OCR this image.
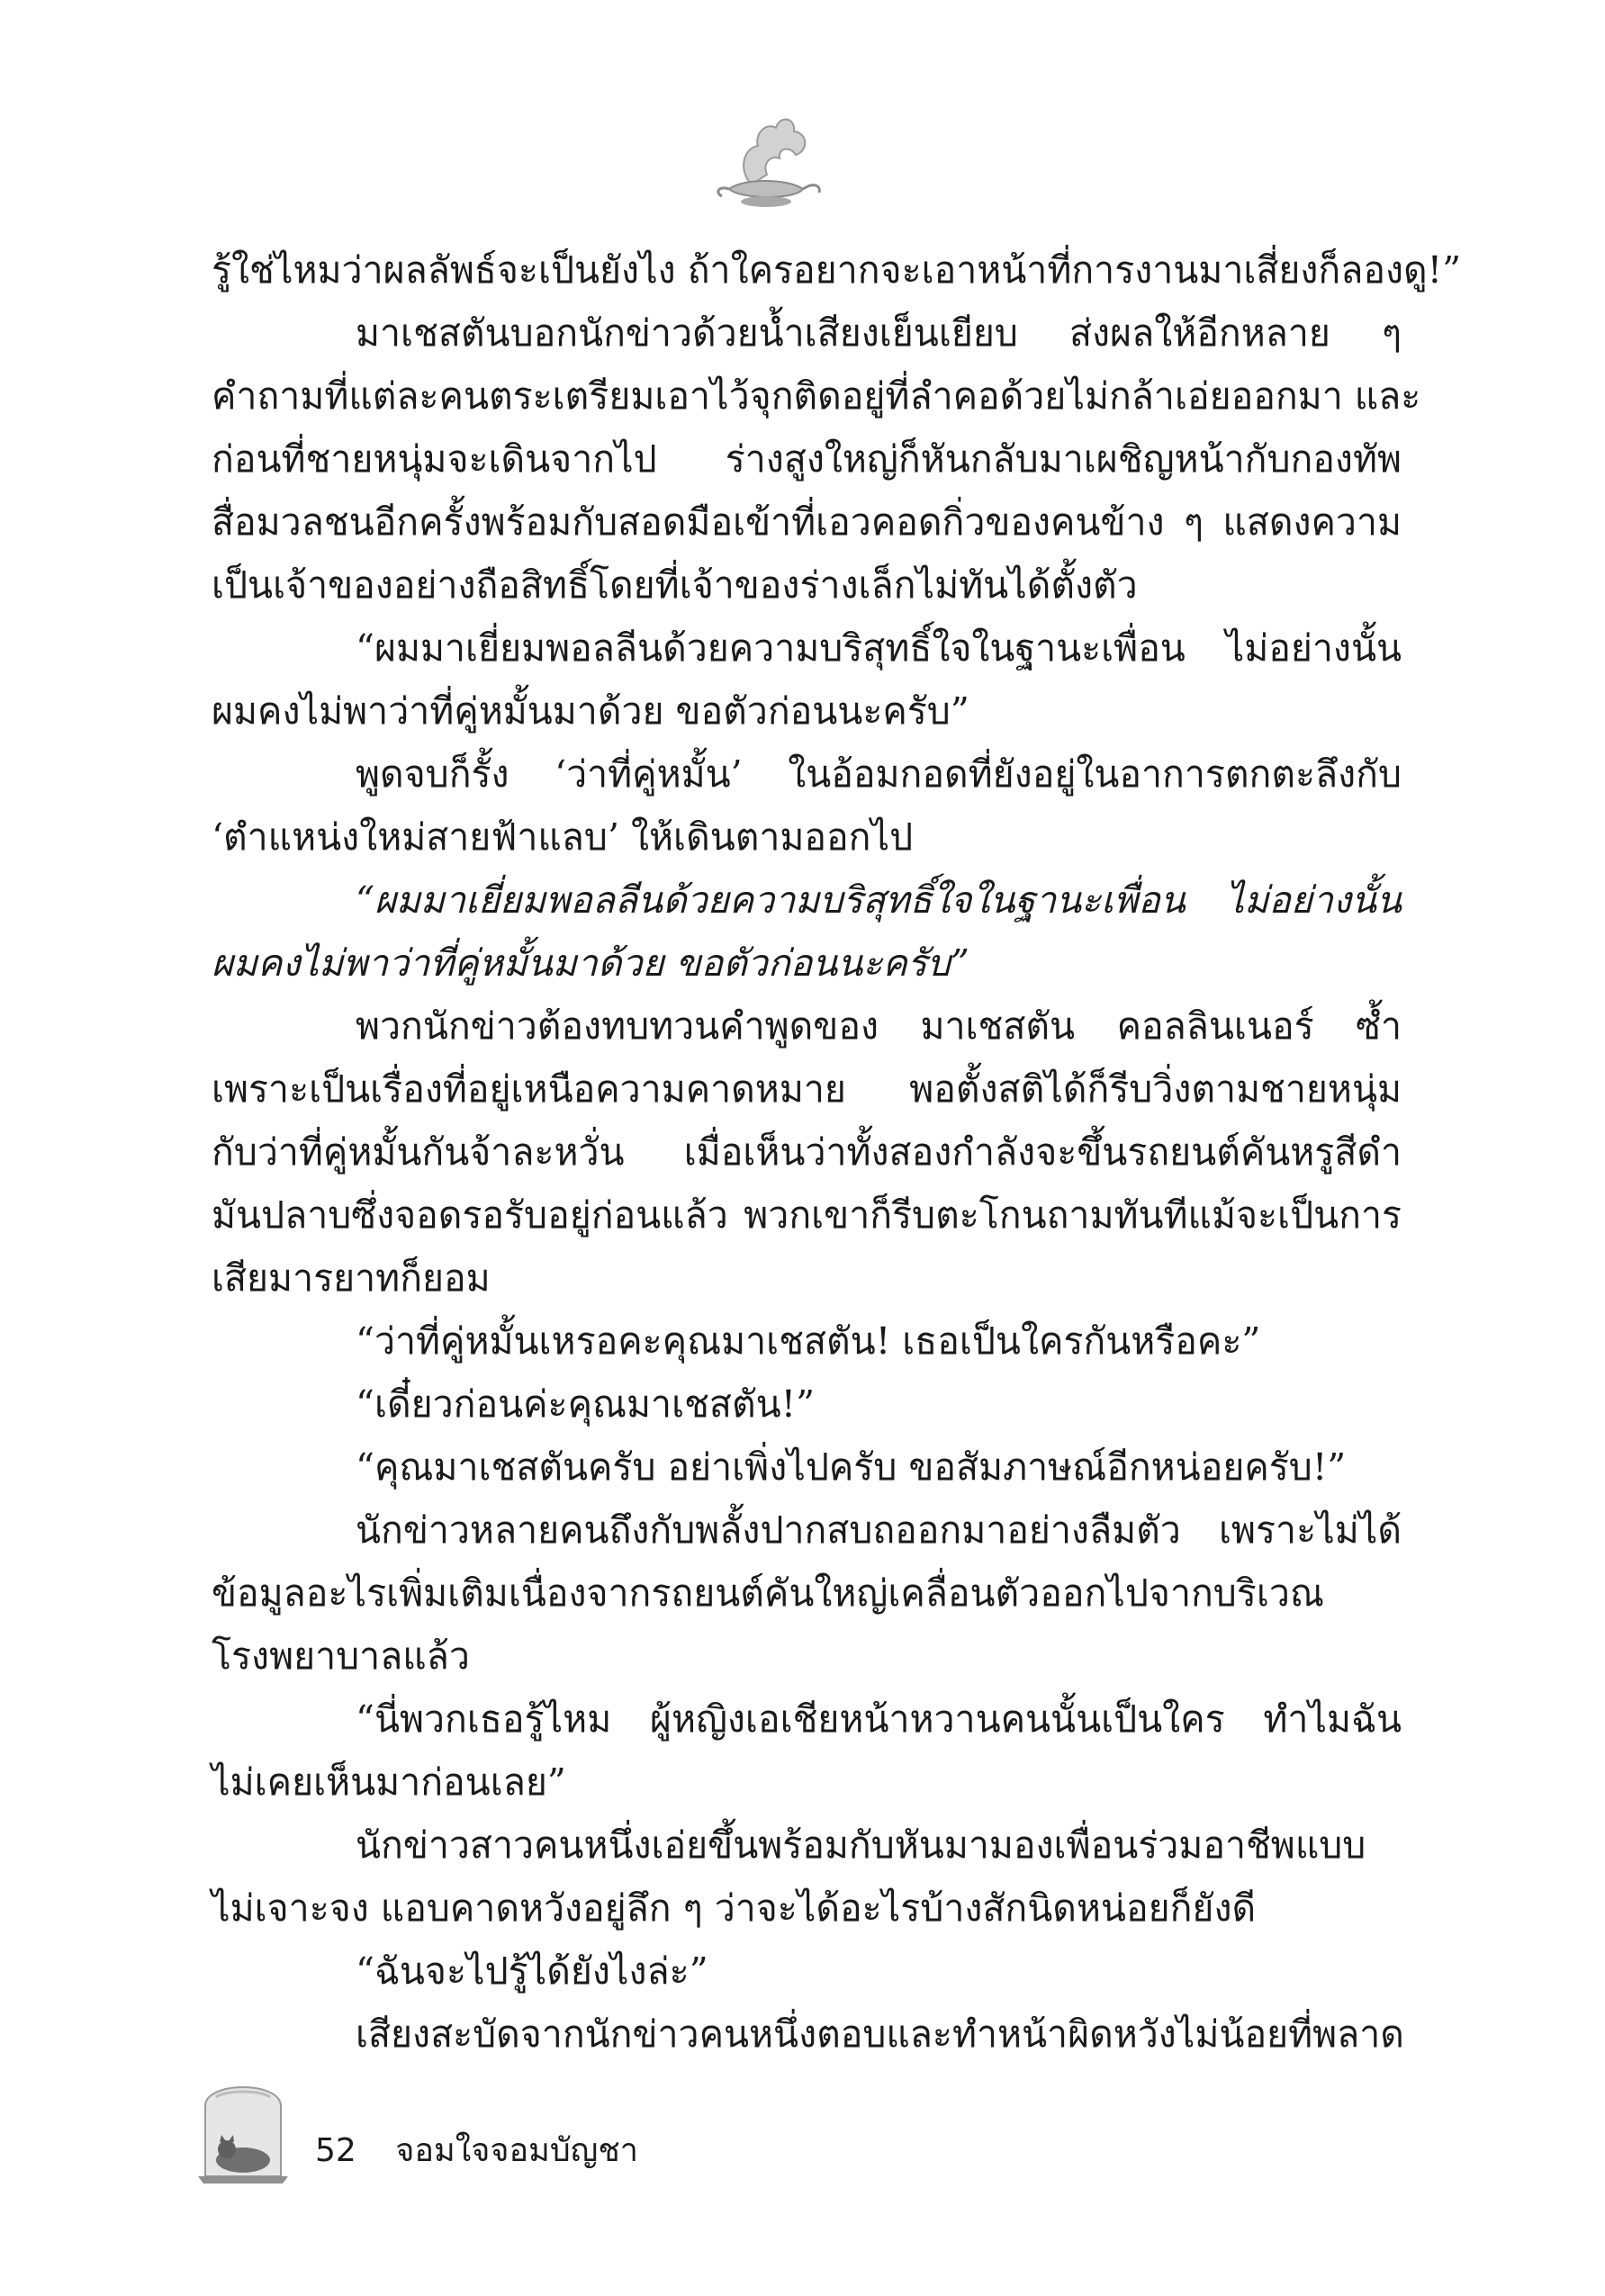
รู้ใช่ไหมว่าผลลัพธ์จะเป็นยังไง ถ้าใครอยากจะเอาหน้าที่การงานมาเสี่ยงก็ลองดู!”
มาเชสตันบอกนักข่าวด้วยน้ำเสียงเย็นเยียบ ส่งผลให้อีกหลาย ๆ
คำถามที่แต่ละคนตระเตรียมเอาไว้จุกติดอยู่ที่ลำคอด้วยไม่กล้าเอ่ยออกมา และ
ก่อนที่ชายหนุ่มจะเดินจากไป ร่างสูงใหญ่ก็หันกลับมาเผชิญหน้ากับกองทัพ
สื่อมวลชนอีกครั้งพร้อมกับสอดมือเข้าที่เอวคอดกิ่วของคนข้าง ๆ แสดงความ
เป็นเจ้าของอย่างถือสิทธิ์โดยที่เจ้าของร่างเล็กไม่ทันได้ตั้งตัว
“ผมมาเยี่ยมพอลลีนด้วยความบริสุทธิ์ใจในฐานะเพื่อน ไม่อย่างนั้น
ผมคงไม่พาว่าที่คู่หมั้นมาด้วย ขอตัวก่อนนะครับ”
พูดจบก็รั้ง ‘ว่าที่คู่หมั้น’ ในอ้อมกอดที่ยังอยู่ในอาการตกตะลึงกับ
‘ตำแหน่งใหม่สายฟ้าแลบ’ ให้เดินตามออกไป
“ผมมาเยี่ยมพอลลีนด้วยความบริสุทธิ์ใจในฐานะเพื่อน ไม่อย่างนั้น
ผมคงไม่พาว่าที่คู่หมั้นมาด้วย ขอตัวก่อนนะครับ”
พวกนักข่าวต้องทบทวนคำพูดของ มาเชสตัน คอลลินเนอร์ ซ้ำ
เพราะเป็นเรื่องที่อยู่เหนือความคาดหมาย พอตั้งสติได้ก็รีบวิ่งตามชายหนุ่ม
กับว่าที่คู่หมั้นกันจ้าละหวั่น เมื่อเห็นว่าทั้งสองกำลังจะขึ้นรถยนต์คันหรูสีดำ
มันปลาบซึ่งจอดรอรับอยู่ก่อนแล้ว พวกเขาก็รีบตะโกนถามทันทีแม้จะเป็นการ
เสียมารยาทก็ยอม
“ว่าที่คู่หมั้นเหรอคะคุณมาเชสตัน! เธอเป็นใครกันหรือคะ”
“เดี๋ยวก่อนค่ะคุณมาเชสตัน!”
“คุณมาเชสตันครับ อย่าเพิ่งไปครับ ขอสัมภาษณ์อีกหน่อยครับ!”
นักข่าวหลายคนถึงกับพลั้งปากสบถออกมาอย่างลืมตัว เพราะไม่ได้
ข้อมูลอะไรเพิ่มเติมเนื่องจากรถยนต์คันใหญ่เคลื่อนตัวออกไปจากบริเวณ
โรงพยาบาลแล้ว
“นี่พวกเธอรู้ไหม ผู้หญิงเอเชียหน้าหวานคนนั้นเป็นใคร ทำไมฉัน
ไม่เคยเห็นมาก่อนเลย”
นักข่าวสาวคนหนึ่งเอ่ยขึ้นพร้อมกับหันมามองเพื่อนร่วมอาชีพแบบ
ไม่เจาะจง แอบคาดหวังอยู่ลึก ๆ ว่าจะได้อะไรบ้างสักนิดหน่อยก็ยังดี
“ฉันจะไปรู้ได้ยังไงล่ะ”
เสียงสะบัดจากนักข่าวคนหนึ่งตอบและทำหน้าผิดหวังไม่น้อยที่พลาด
52 จอมใจจอมบัญชา
